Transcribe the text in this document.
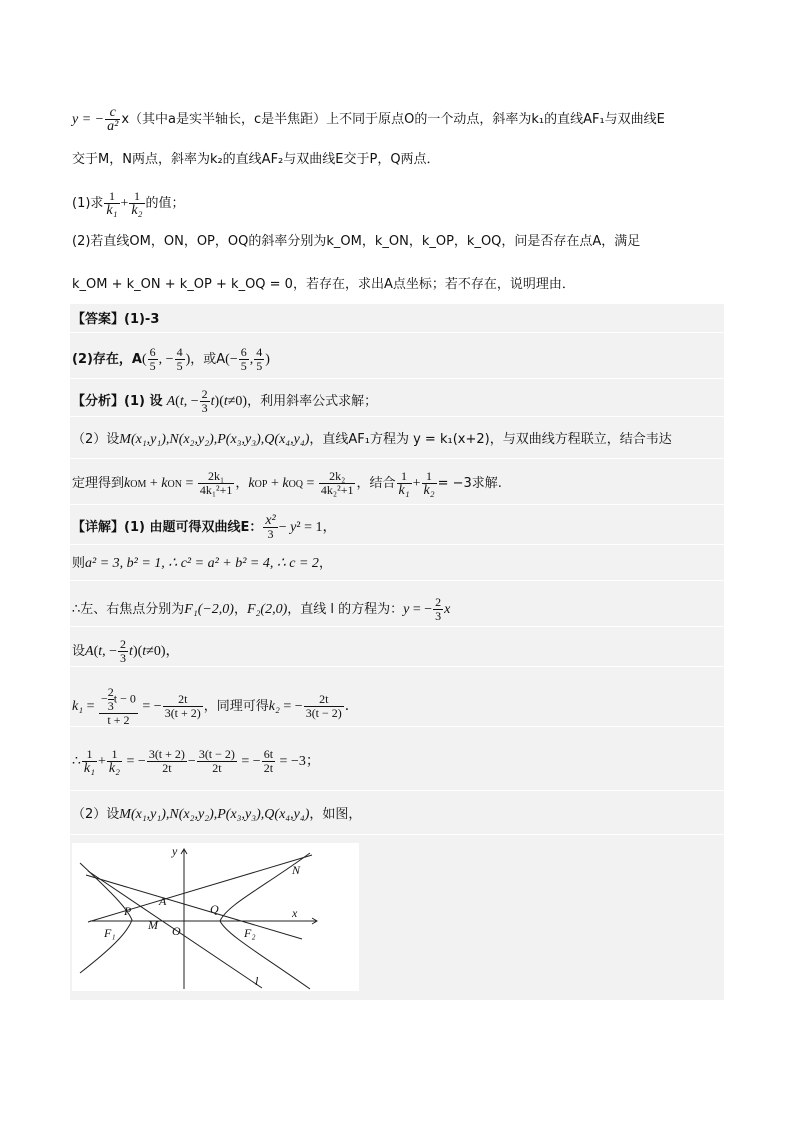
y = − $\frac{c}{\text{a²}} x$（其中a是实半轴长，c是半焦距）上不同于原点O的一个动点，斜率为k₁的直线AF₁与双曲线E
交于M，N两点，斜率为k₂的直线AF₂与双曲线E交于P，Q两点．
(1)求 $\frac{1}{\text{k₁}} + \frac{1}{\text{k₂}}$ 的值；
(2)若直线OM，ON，OP，OQ的斜率分别为k_OM，k_ON，k_OP，k_OQ，问是否存在点A，满足
k_OM + k_ON + k_OP + k_OQ = 0，若存在，求出A点坐标；若不存在，说明理由．
【答案】(1)-3
(2)存在，$A( \frac{6}{5}$ , − $\frac{4}{5}$ )，或$A(- \frac{6}{5}$ , $\frac{4}{5}$ )
【分析】(1) 设 A(t, − $\frac{2}{3} t)(t\ne 0)$，利用斜率公式求解；
（2）设M(x₁,y₁),N(x₂,y₂),P(x₃,y₃),Q(x₄,y₄)，直线AF₁方程为 y = k₁(x+2)，与双曲线方程联立，结合韦达
定理得到kOM + kON = $\frac{\text{2k₁}}{\text{4k₁²+1}}$ ，kOP + kOQ = $\frac{\text{2k₂}}{\text{4k₂²+1}}$ ，结合 $\frac{1}{\text{k₁}} + \frac{1}{\text{k₂}} = -3$求解.
【详解】(1) 由题可得双曲线E： $\frac{\text{x²}}{3} - y^2 = 1$，
则a² = 3, b² = 1, ∴ c² = a² + b² = 4, ∴ c = 2，
∴左、右焦点分别为F₁(−2,0)，F₂(2,0)，直线 l 的方程为：y = − $\frac{2}{3}$ x
设A(t, − $\frac{2}{3} t)(t\ne 0)$，
$k_1 = \frac{- \frac{2}{3} t - 0}{t + 2}$ = − $\frac{2t}{3(t + 2)}$ ，同理可得k₂ = − $\frac{2t}{3(t - 2)}$ ．
∴ $\frac{1}{\text{k₁}} + \frac{1}{\text{k₂}}$ = − $\frac{3(t + 2)}{2t} - \frac{3(t - 2)}{2t}$ = − $\frac{6t}{2t} = -3$；
（2）设M(x₁,y₁),N(x₂,y₂),P(x₃,y₃),Q(x₄,y₄)，如图，
y
x
N
A
P
M
Q
O
F₁	F₂
l
